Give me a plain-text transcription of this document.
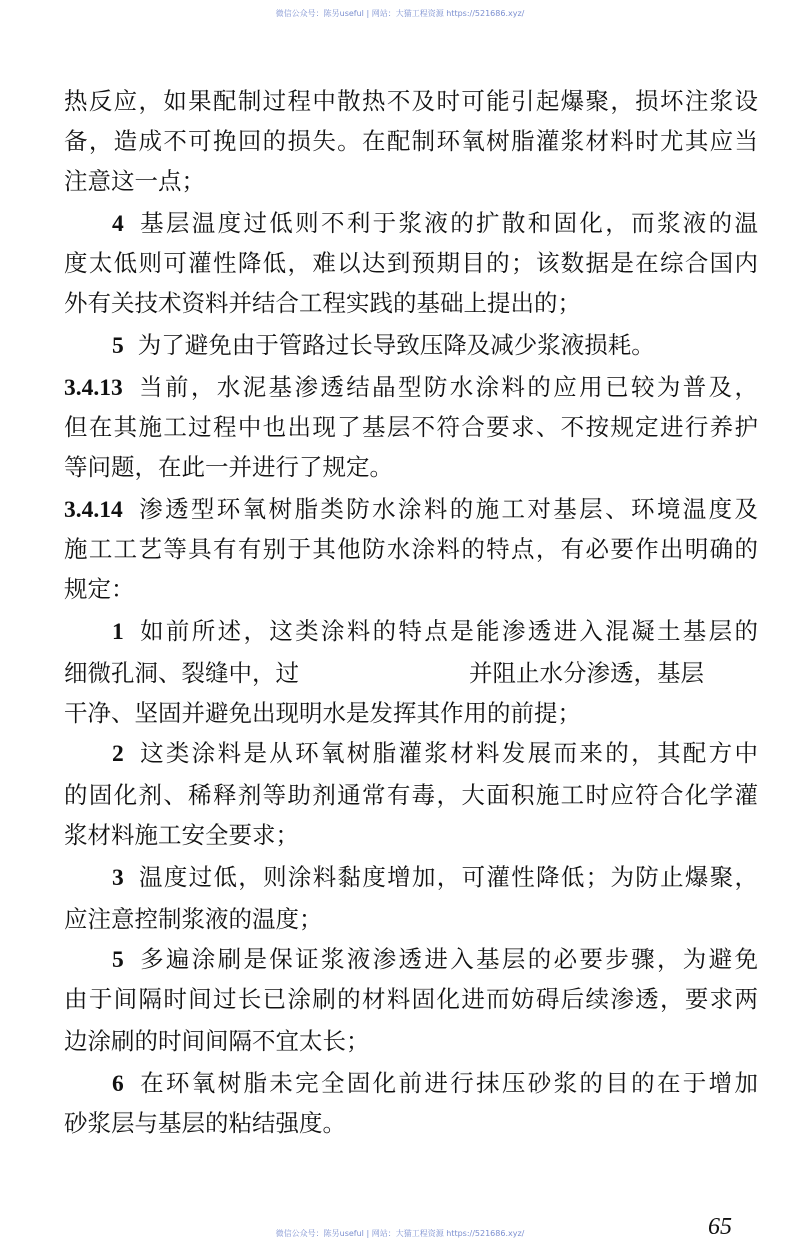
微信公众号：陈另useful | 网站：大猫工程资源 https://521686.xyz/
热反应，如果配制过程中散热不及时可能引起爆聚，损坏注浆设
备，造成不可挽回的损失。在配制环氧树脂灌浆材料时尤其应当
注意这一点；
4 基层温度过低则不利于浆液的扩散和固化，而浆液的温
度太低则可灌性降低，难以达到预期目的；该数据是在综合国内
外有关技术资料并结合工程实践的基础上提出的；
5 为了避免由于管路过长导致压降及减少浆液损耗。
3.4.13 当前，水泥基渗透结晶型防水涂料的应用已较为普及，
但在其施工过程中也出现了基层不符合要求、不按规定进行养护
等问题，在此一并进行了规定。
3.4.14 渗透型环氧树脂类防水涂料的施工对基层、环境温度及
施工工艺等具有有别于其他防水涂料的特点，有必要作出明确的
规定：
1 如前所述，这类涂料的特点是能渗透进入混凝土基层的
细微孔洞、裂缝中，过	并阻止水分渗透，基层
干净、坚固并避免出现明水是发挥其作用的前提；
2 这类涂料是从环氧树脂灌浆材料发展而来的，其配方中
的固化剂、稀释剂等助剂通常有毒，大面积施工时应符合化学灌
浆材料施工安全要求；
3 温度过低，则涂料黏度增加，可灌性降低；为防止爆聚，
应注意控制浆液的温度；
5 多遍涂刷是保证浆液渗透进入基层的必要步骤，为避免
由于间隔时间过长已涂刷的材料固化进而妨碍后续渗透，要求两
边涂刷的时间间隔不宜太长；
6 在环氧树脂未完全固化前进行抹压砂浆的目的在于增加
砂浆层与基层的粘结强度。
微信公众号：陈另useful | 网站：大猫工程资源 https://521686.xyz/	65
